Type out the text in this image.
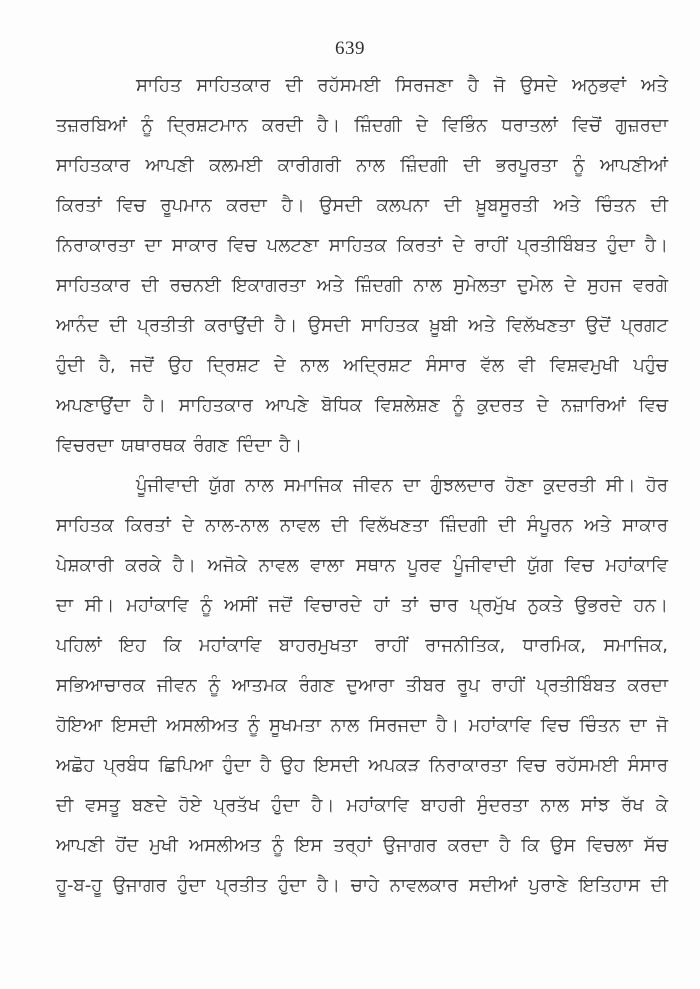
639
ਸਾਹਿਤ ਸਾਹਿਤਕਾਰ ਦੀ ਰਹੱਸਮਈ ਸਿਰਜਣਾ ਹੈ ਜੋ ਉਸਦੇ ਅਨੁਭਵਾਂ ਅਤੇ
ਤਜ਼ਰਬਿਆਂ ਨੂੰ ਦ੍ਰਿਸ਼ਟਮਾਨ ਕਰਦੀ ਹੈ। ਜ਼ਿੰਦਗੀ ਦੇ ਵਿਭਿੰਨ ਧਰਾਤਲਾਂ ਵਿਚੋਂ ਗੁਜ਼ਰਦਾ
ਸਾਹਿਤਕਾਰ ਆਪਣੀ ਕਲਮਈ ਕਾਰੀਗਰੀ ਨਾਲ ਜ਼ਿੰਦਗੀ ਦੀ ਭਰਪੂਰਤਾ ਨੂੰ ਆਪਣੀਆਂ
ਕਿਰਤਾਂ ਵਿਚ ਰੂਪਮਾਨ ਕਰਦਾ ਹੈ। ਉਸਦੀ ਕਲਪਨਾ ਦੀ ਖ਼ੂਬਸੂਰਤੀ ਅਤੇ ਚਿੰਤਨ ਦੀ
ਨਿਰਾਕਾਰਤਾ ਦਾ ਸਾਕਾਰ ਵਿਚ ਪਲਟਣਾ ਸਾਹਿਤਕ ਕਿਰਤਾਂ ਦੇ ਰਾਹੀਂ ਪ੍ਰਤੀਬਿੰਬਤ ਹੁੰਦਾ ਹੈ।
ਸਾਹਿਤਕਾਰ ਦੀ ਰਚਨਈ ਇਕਾਗਰਤਾ ਅਤੇ ਜ਼ਿੰਦਗੀ ਨਾਲ ਸੁਮੇਲਤਾ ਦੁਮੇਲ ਦੇ ਸੁਹਜ ਵਰਗੇ
ਆਨੰਦ ਦੀ ਪ੍ਰਤੀਤੀ ਕਰਾਉਂਦੀ ਹੈ। ਉਸਦੀ ਸਾਹਿਤਕ ਖ਼ੂਬੀ ਅਤੇ ਵਿਲੱਖਣਤਾ ਉਦੋਂ ਪ੍ਰਗਟ
ਹੁੰਦੀ ਹੈ, ਜਦੋਂ ਉਹ ਦ੍ਰਿਸ਼ਟ ਦੇ ਨਾਲ ਅਦ੍ਰਿਸ਼ਟ ਸੰਸਾਰ ਵੱਲ ਵੀ ਵਿਸ਼ਵਮੁਖੀ ਪਹੁੰਚ
ਅਪਣਾਉਂਦਾ ਹੈ। ਸਾਹਿਤਕਾਰ ਆਪਣੇ ਬੋਧਿਕ ਵਿਸ਼ਲੇਸ਼ਣ ਨੂੰ ਕੁਦਰਤ ਦੇ ਨਜ਼ਾਰਿਆਂ ਵਿਚ
ਵਿਚਰਦਾ ਯਥਾਰਥਕ ਰੰਗਣ ਦਿੰਦਾ ਹੈ।
ਪੂੰਜੀਵਾਦੀ ਯੁੱਗ ਨਾਲ ਸਮਾਜਿਕ ਜੀਵਨ ਦਾ ਗੁੰਝਲਦਾਰ ਹੋਣਾ ਕੁਦਰਤੀ ਸੀ। ਹੋਰ
ਸਾਹਿਤਕ ਕਿਰਤਾਂ ਦੇ ਨਾਲ-ਨਾਲ ਨਾਵਲ ਦੀ ਵਿਲੱਖਣਤਾ ਜ਼ਿੰਦਗੀ ਦੀ ਸੰਪੂਰਨ ਅਤੇ ਸਾਕਾਰ
ਪੇਸ਼ਕਾਰੀ ਕਰਕੇ ਹੈ। ਅਜੋਕੇ ਨਾਵਲ ਵਾਲਾ ਸਥਾਨ ਪੂਰਵ ਪੂੰਜੀਵਾਦੀ ਯੁੱਗ ਵਿਚ ਮਹਾਂਕਾਵਿ
ਦਾ ਸੀ। ਮਹਾਂਕਾਵਿ ਨੂੰ ਅਸੀਂ ਜਦੋਂ ਵਿਚਾਰਦੇ ਹਾਂ ਤਾਂ ਚਾਰ ਪ੍ਰਮੁੱਖ ਨੁਕਤੇ ਉਭਰਦੇ ਹਨ।
ਪਹਿਲਾਂ ਇਹ ਕਿ ਮਹਾਂਕਾਵਿ ਬਾਹਰਮੁਖਤਾ ਰਾਹੀਂ ਰਾਜਨੀਤਿਕ, ਧਾਰਮਿਕ, ਸਮਾਜਿਕ,
ਸਭਿਆਚਾਰਕ ਜੀਵਨ ਨੂੰ ਆਤਮਕ ਰੰਗਣ ਦੁਆਰਾ ਤੀਬਰ ਰੂਪ ਰਾਹੀਂ ਪ੍ਰਤੀਬਿੰਬਤ ਕਰਦਾ
ਹੋਇਆ ਇਸਦੀ ਅਸਲੀਅਤ ਨੂੰ ਸੂਖਮਤਾ ਨਾਲ ਸਿਰਜਦਾ ਹੈ। ਮਹਾਂਕਾਵਿ ਵਿਚ ਚਿੰਤਨ ਦਾ ਜੋ
ਅਛੋਹ ਪ੍ਰਬੰਧ ਛਿਪਿਆ ਹੁੰਦਾ ਹੈ ਉਹ ਇਸਦੀ ਅਪਕੜ ਨਿਰਾਕਾਰਤਾ ਵਿਚ ਰਹੱਸਮਈ ਸੰਸਾਰ
ਦੀ ਵਸਤੂ ਬਣਦੇ ਹੋਏ ਪ੍ਰਤੱਖ ਹੁੰਦਾ ਹੈ। ਮਹਾਂਕਾਵਿ ਬਾਹਰੀ ਸੁੰਦਰਤਾ ਨਾਲ ਸਾਂਝ ਰੱਖ ਕੇ
ਆਪਣੀ ਹੋਂਦ ਮੁਖੀ ਅਸਲੀਅਤ ਨੂੰ ਇਸ ਤਰ੍ਹਾਂ ਉਜਾਗਰ ਕਰਦਾ ਹੈ ਕਿ ਉਸ ਵਿਚਲਾ ਸੱਚ
ਹੂ-ਬ-ਹੂ ਉਜਾਗਰ ਹੁੰਦਾ ਪ੍ਰਤੀਤ ਹੁੰਦਾ ਹੈ। ਚਾਹੇ ਨਾਵਲਕਾਰ ਸਦੀਆਂ ਪੁਰਾਣੇ ਇਤਿਹਾਸ ਦੀ
